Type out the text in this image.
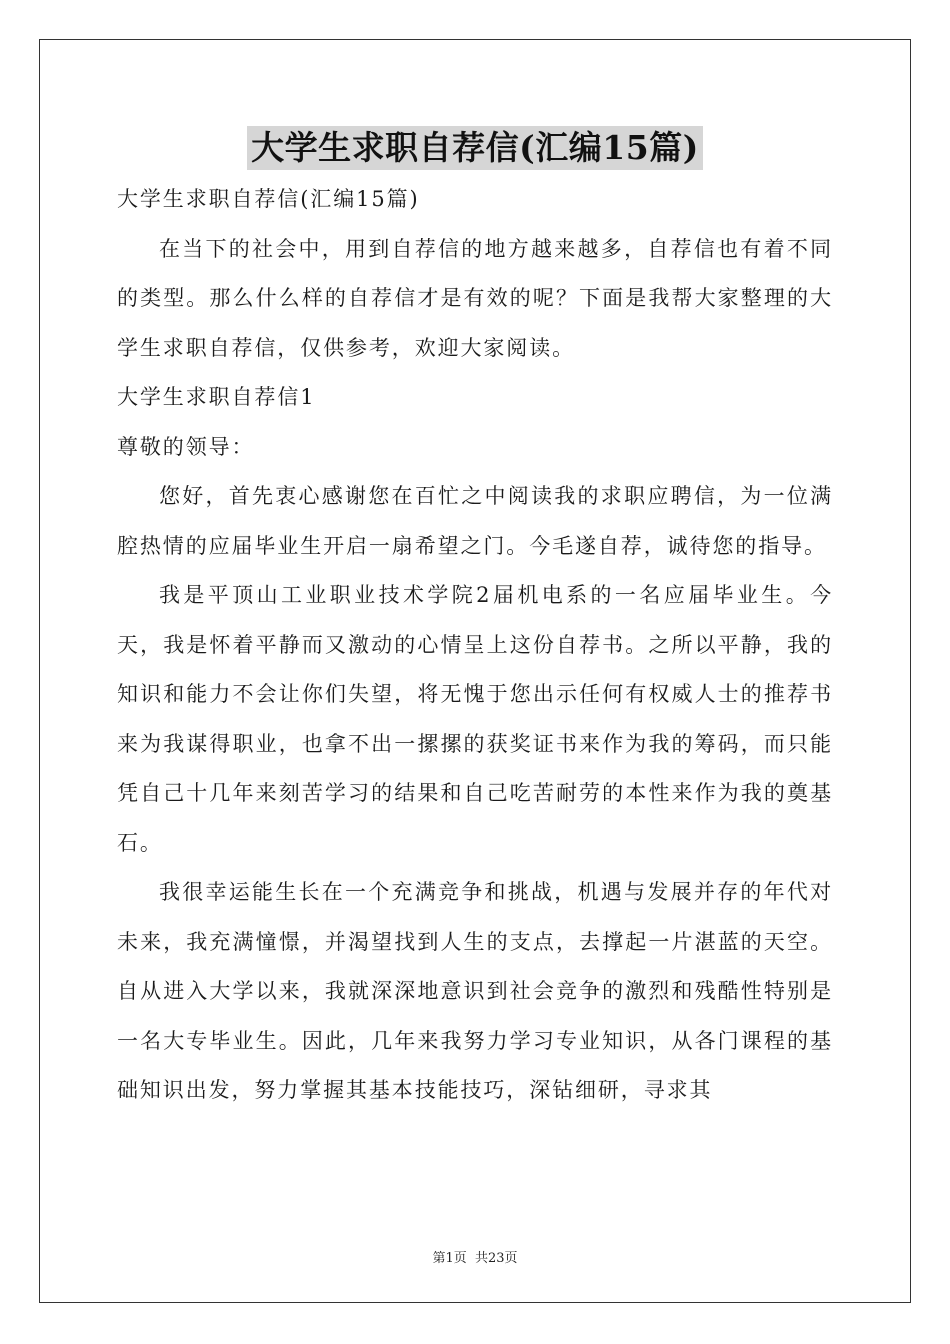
大学生求职自荐信(汇编15篇)
大学生求职自荐信(汇编15篇)

在当下的社会中，用到自荐信的地方越来越多，自荐信也有着不同的类型。那么什么样的自荐信才是有效的呢？下面是我帮大家整理的大学生求职自荐信，仅供参考，欢迎大家阅读。

大学生求职自荐信1
尊敬的领导：

您好，首先衷心感谢您在百忙之中阅读我的求职应聘信，为一位满腔热情的应届毕业生开启一扇希望之门。今毛遂自荐，诚待您的指导。

我是平顶山工业职业技术学院2届机电系的一名应届毕业生。今天，我是怀着平静而又激动的心情呈上这份自荐书。之所以平静，我的知识和能力不会让你们失望，将无愧于您出示任何有权威人士的推荐书来为我谋得职业，也拿不出一摞摞的获奖证书来作为我的筹码，而只能凭自己十几年来刻苦学习的结果和自己吃苦耐劳的本性来作为我的奠基石。

我很幸运能生长在一个充满竞争和挑战，机遇与发展并存的年代对未来，我充满憧憬，并渴望找到人生的支点，去撑起一片湛蓝的天空。自从进入大学以来，我就深深地意识到社会竞争的激烈和残酷性特别是一名大专毕业生。因此，几年来我努力学习专业知识，从各门课程的基础知识出发，努力掌握其基本技能技巧，深钻细研，寻求其

第1页 共23页
